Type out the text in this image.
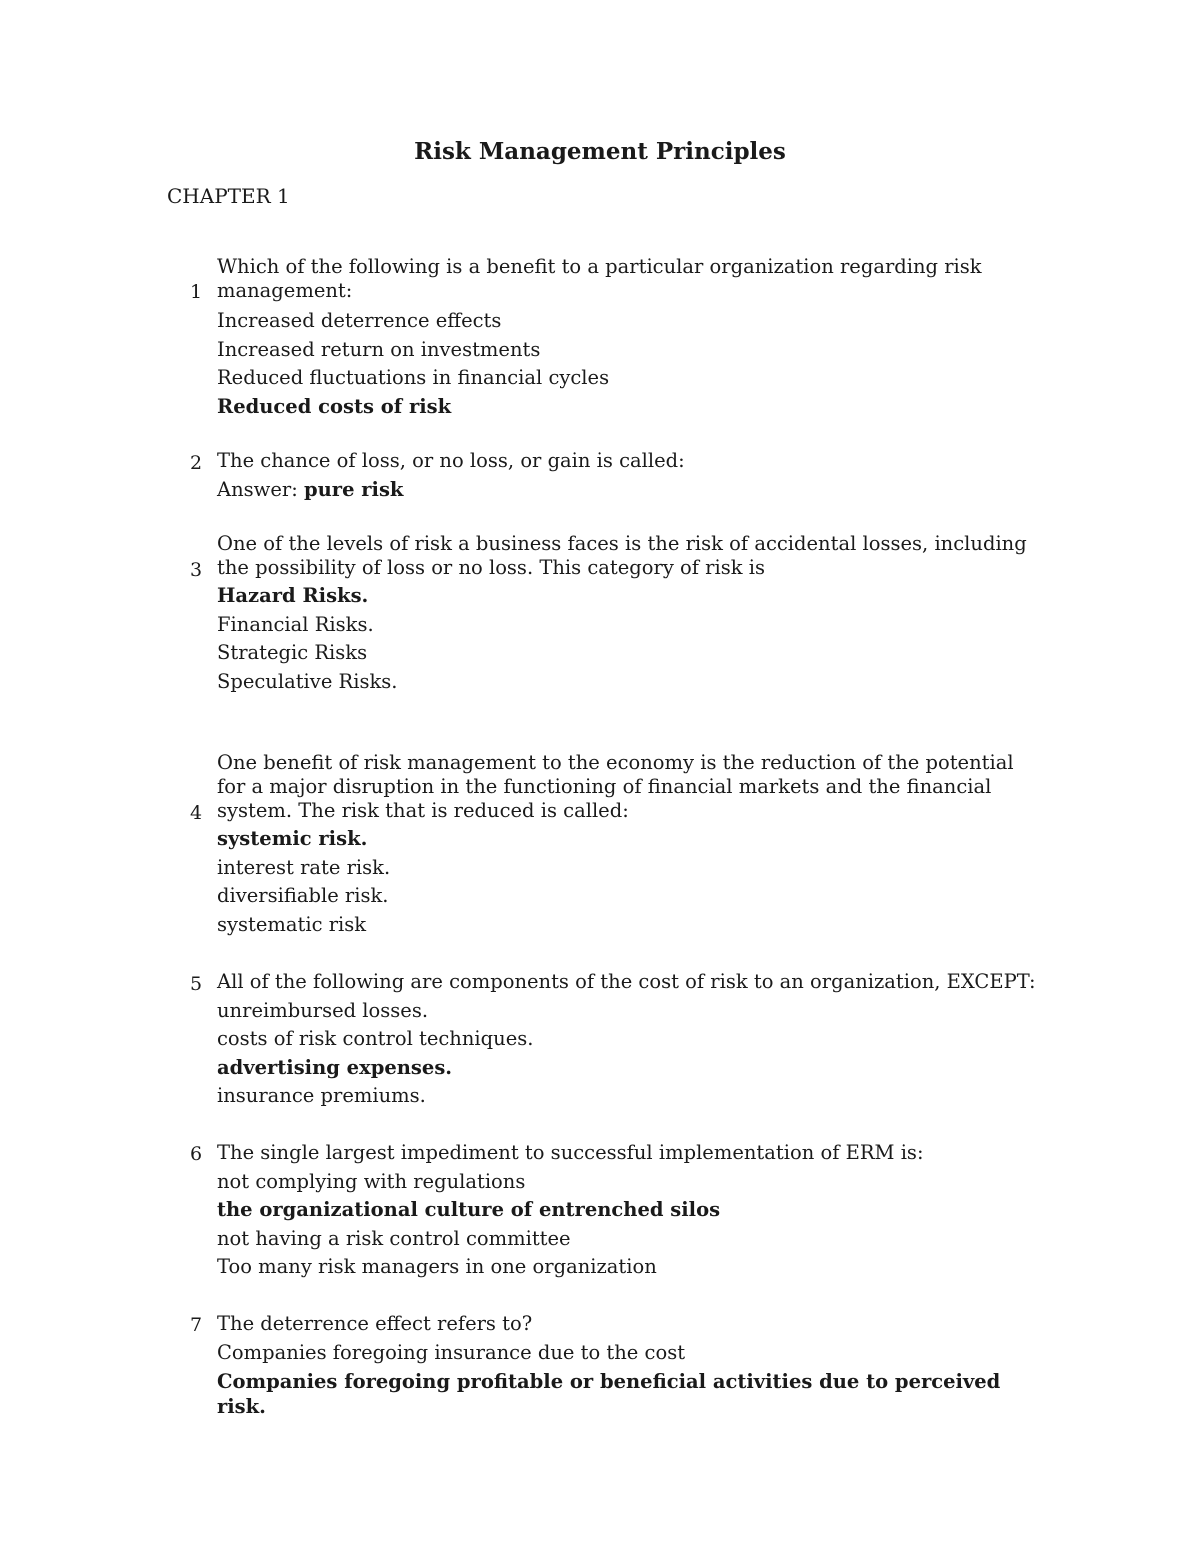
Risk Management Principles
CHAPTER 1
1

Which of the following is a benefit to a particular organization regarding risk management:

Increased deterrence effects

Increased return on investments

Reduced fluctuations in financial cycles

Reduced costs of risk

2 The chance of loss, or no loss, or gain is called:

Answer: pure risk

3

One of the levels of risk a business faces is the risk of accidental losses, including the possibility of loss or no loss. This category of risk is

Hazard Risks.

Financial Risks.

Strategic Risks

Speculative Risks.

4

One benefit of risk management to the economy is the reduction of the potential for a major disruption in the functioning of financial markets and the financial system. The risk that is reduced is called:

systemic risk.

interest rate risk.

diversifiable risk.

systematic risk

5 All of the following are components of the cost of risk to an organization, EXCEPT:

unreimbursed losses.

costs of risk control techniques.

advertising expenses.

insurance premiums.

6 The single largest impediment to successful implementation of ERM is:

not complying with regulations

the organizational culture of entrenched silos

not having a risk control committee

Too many risk managers in one organization

7 The deterrence effect refers to?

Companies foregoing insurance due to the cost

Companies foregoing profitable or beneficial activities due to perceived risk.
